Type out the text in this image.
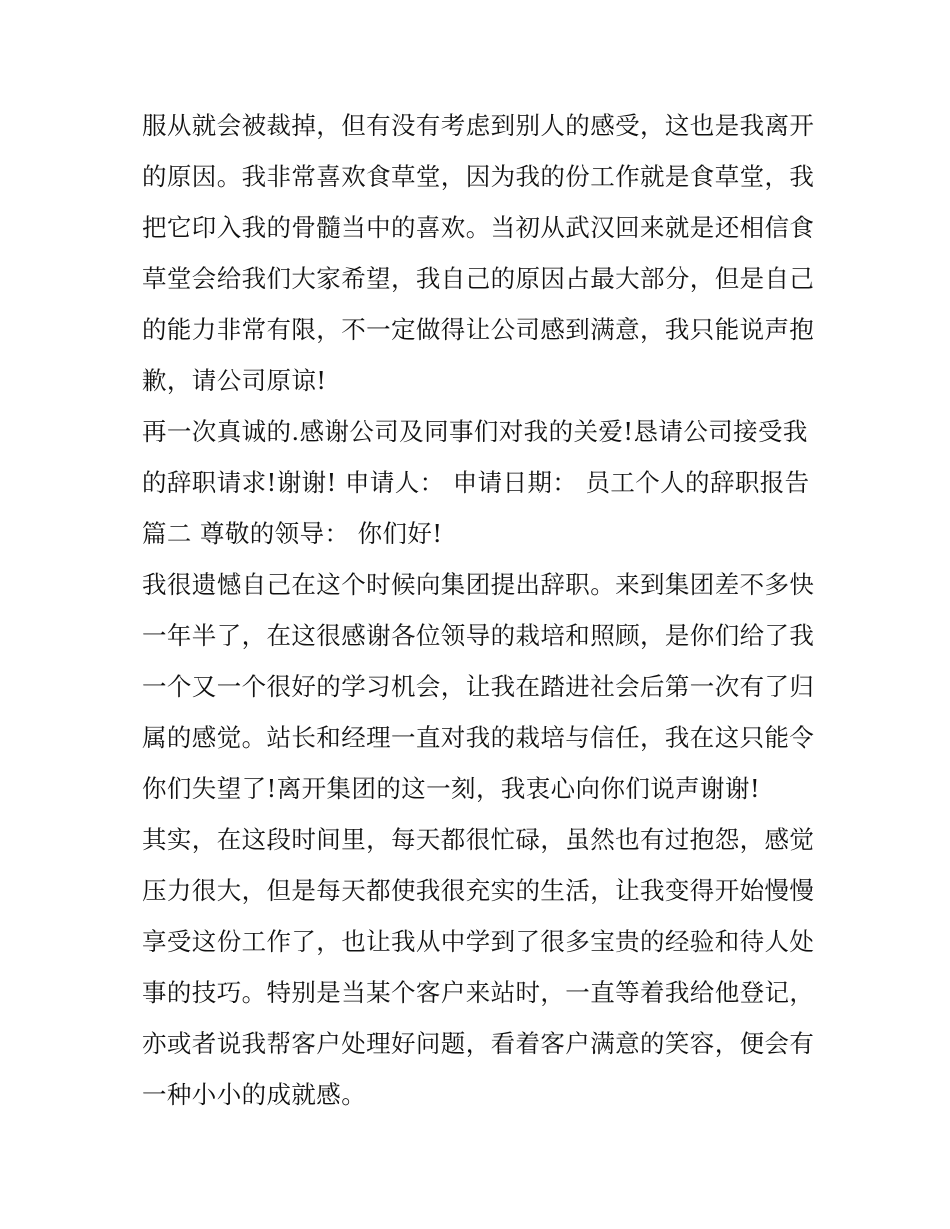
服从就会被裁掉，但有没有考虑到别人的感受，这也是我离开
的原因。我非常喜欢食草堂，因为我的份工作就是食草堂，我
把它印入我的骨髓当中的喜欢。当初从武汉回来就是还相信食
草堂会给我们大家希望，我自己的原因占最大部分，但是自己
的能力非常有限，不一定做得让公司感到满意，我只能说声抱
歉，请公司原谅!
再一次真诚的.感谢公司及同事们对我的关爱!恳请公司接受我
的辞职请求!谢谢! 申请人： 申请日期： 员工个人的辞职报告
篇二 尊敬的领导： 你们好!
我很遗憾自己在这个时候向集团提出辞职。来到集团差不多快
一年半了，在这很感谢各位领导的栽培和照顾，是你们给了我
一个又一个很好的学习机会，让我在踏进社会后第一次有了归
属的感觉。站长和经理一直对我的栽培与信任，我在这只能令
你们失望了!离开集团的这一刻，我衷心向你们说声谢谢!
其实，在这段时间里，每天都很忙碌，虽然也有过抱怨，感觉
压力很大，但是每天都使我很充实的生活，让我变得开始慢慢
享受这份工作了，也让我从中学到了很多宝贵的经验和待人处
事的技巧。特别是当某个客户来站时，一直等着我给他登记，
亦或者说我帮客户处理好问题，看着客户满意的笑容，便会有
一种小小的成就感。
